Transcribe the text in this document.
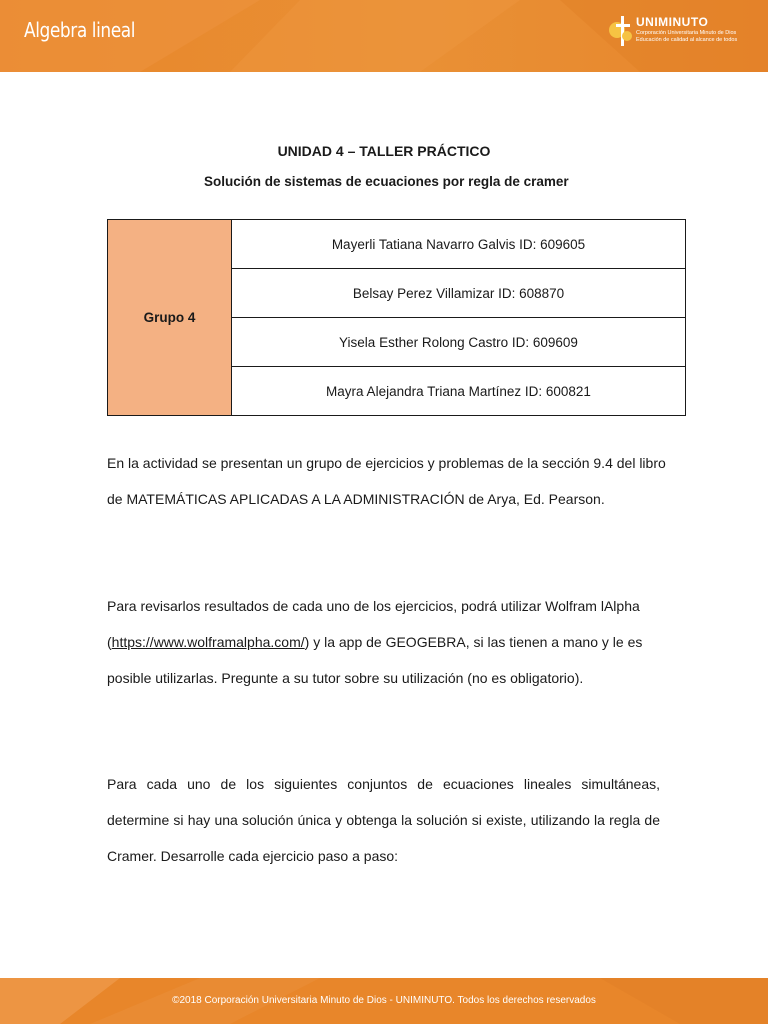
Algebra lineal	UNIMINUTO
Corporación Universitaria Minuto de Dios
Educación de calidad al alcance de todos
UNIDAD 4 – TALLER PRÁCTICO
Solución de sistemas de ecuaciones por regla de cramer
Grupo 4	Mayerli Tatiana Navarro Galvis ID: 609605
Belsay Perez Villamizar ID: 608870
Yisela Esther Rolong Castro ID: 609609
Mayra Alejandra Triana Martínez ID: 600821

En la actividad se presentan un grupo de ejercicios y problemas de la sección 9.4 del libro de MATEMÁTICAS APLICADAS A LA ADMINISTRACIÓN de Arya, Ed. Pearson.

Para revisarlos resultados de cada uno de los ejercicios, podrá utilizar Wolfram lAlpha (https://www.wolframalpha.com/) y la app de GEOGEBRA, si las tienen a mano y le es posible utilizarlas. Pregunte a su tutor sobre su utilización (no es obligatorio).

Para cada uno de los siguientes conjuntos de ecuaciones lineales simultáneas, determine si hay una solución única y obtenga la solución si existe, utilizando la regla de Cramer. Desarrolle cada ejercicio paso a paso:

©2018 Corporación Universitaria Minuto de Dios - UNIMINUTO. Todos los derechos reservados
